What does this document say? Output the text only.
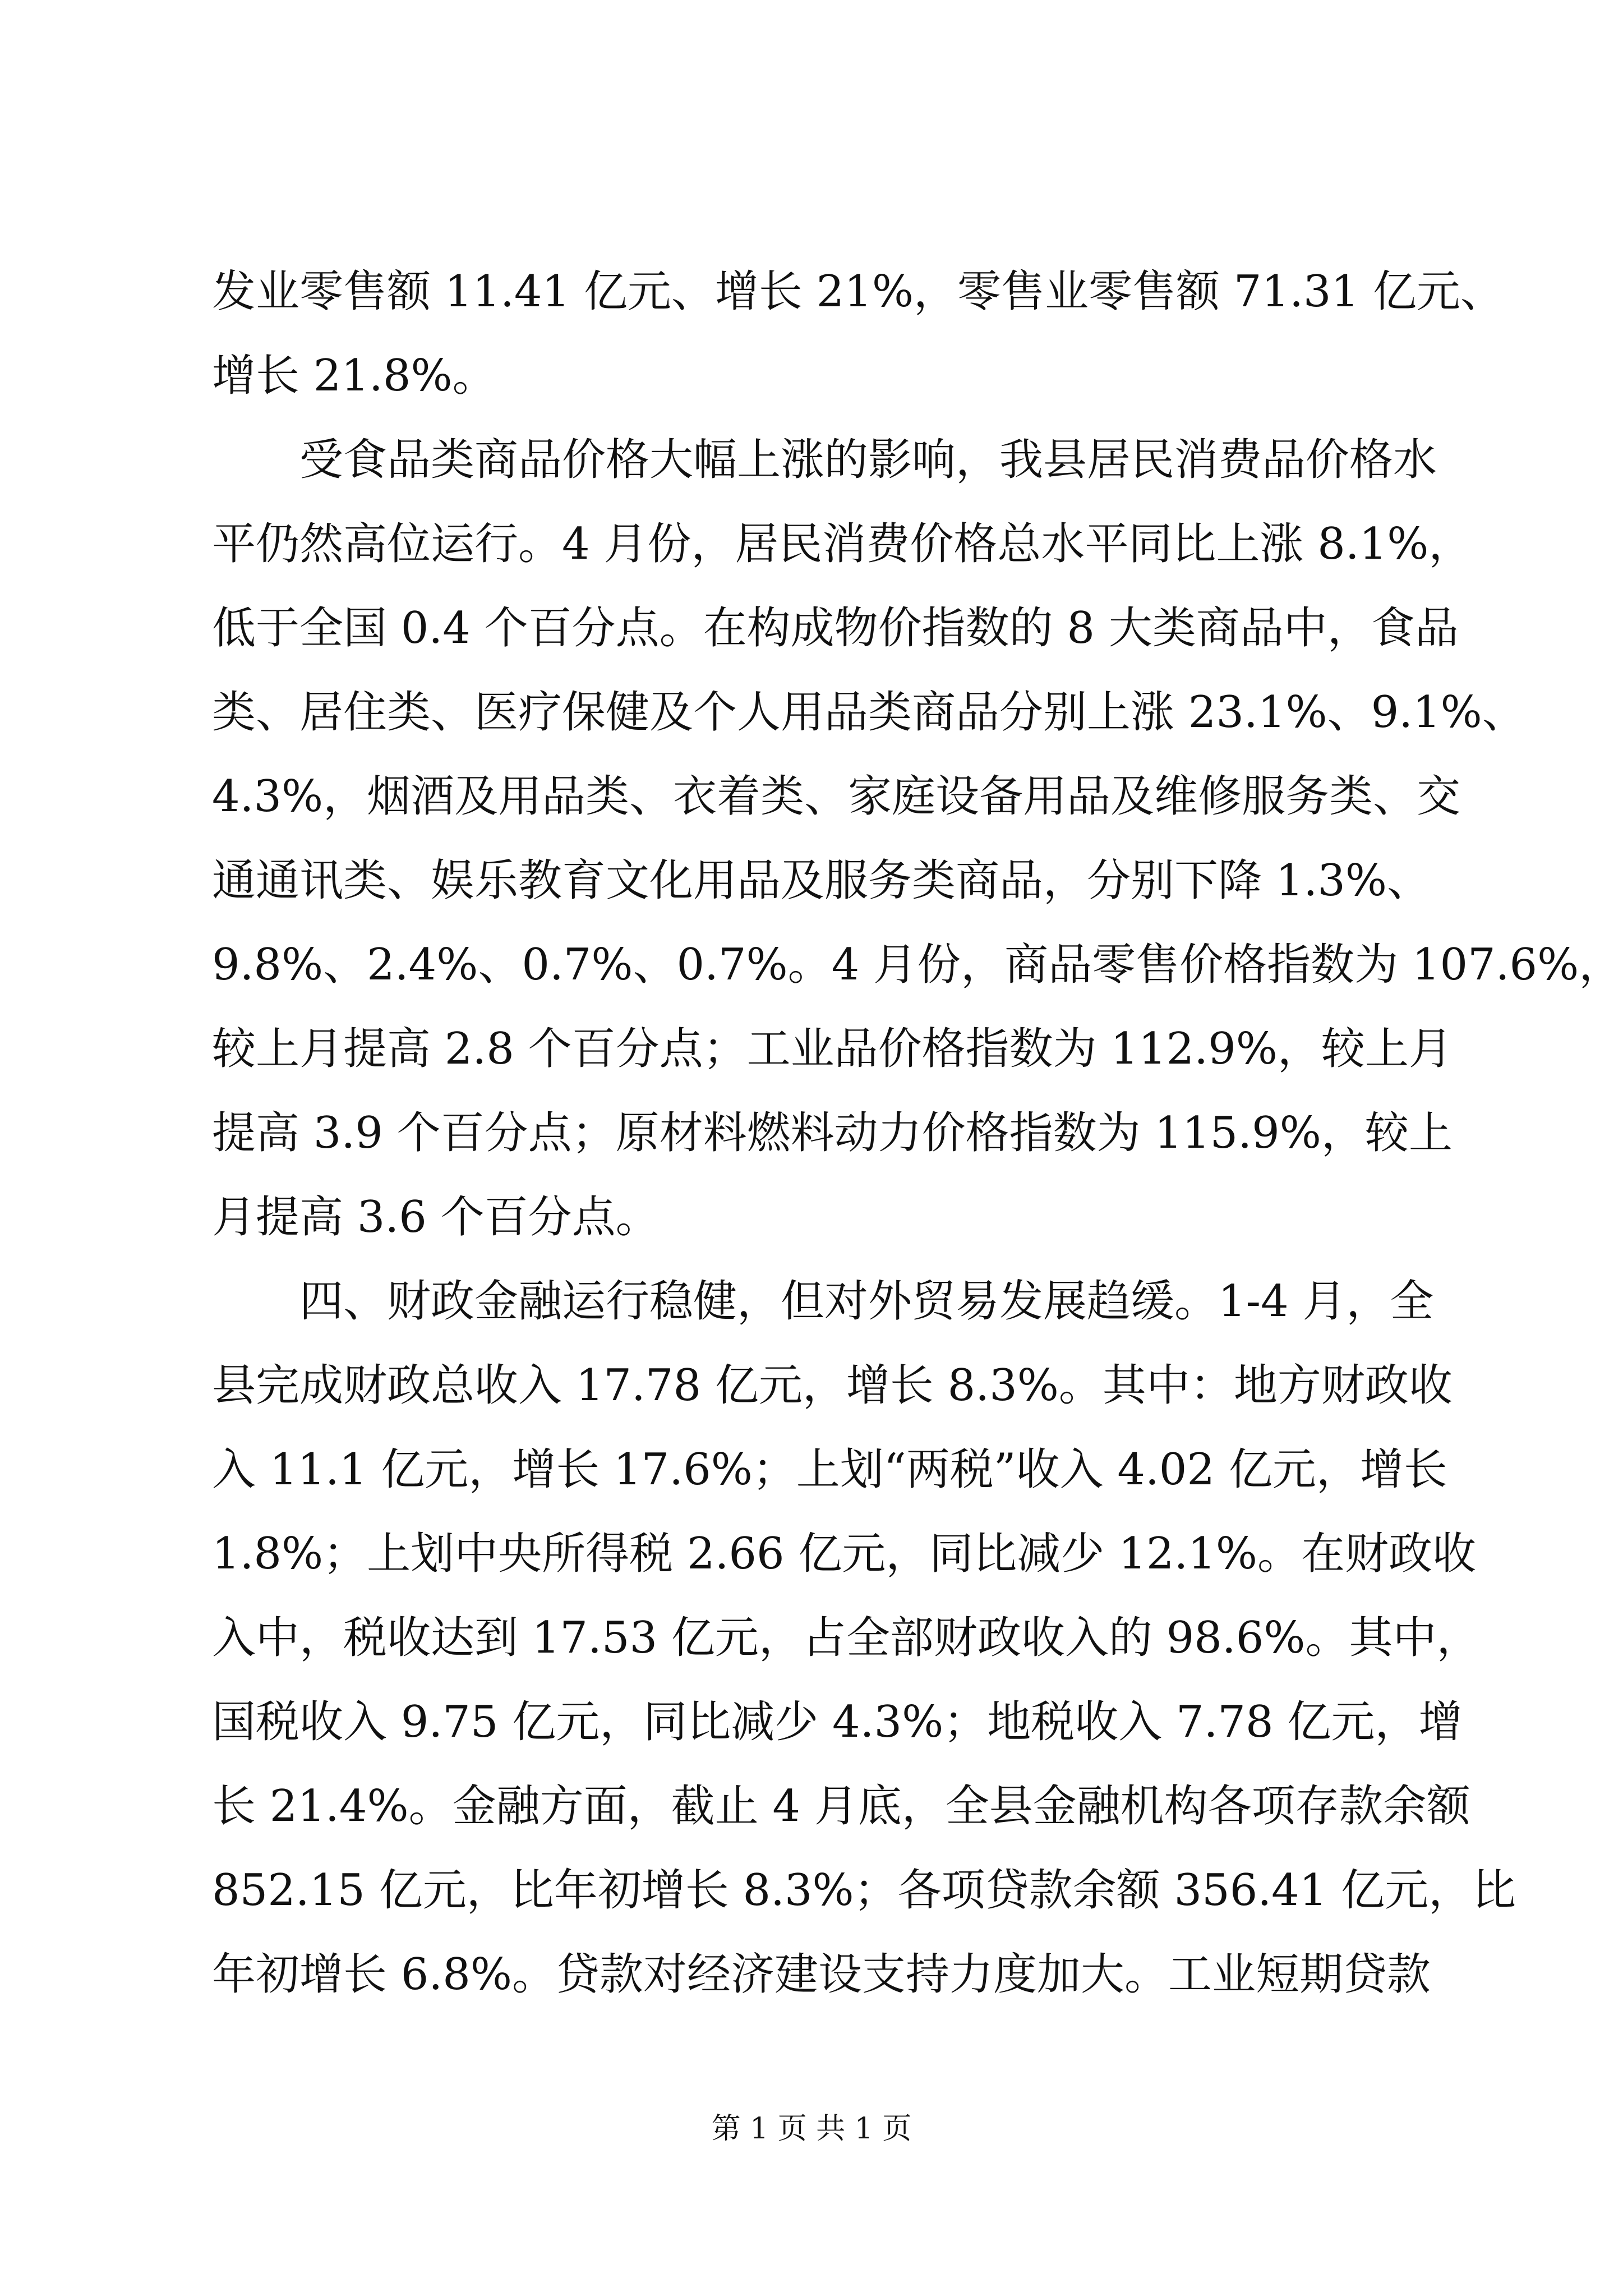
发业零售额 11.41 亿元、增长 21%，零售业零售额 71.31 亿元、
增长 21.8%。
受食品类商品价格大幅上涨的影响，我县居民消费品价格水
平仍然高位运行。4 月份，居民消费价格总水平同比上涨 8.1%，
低于全国 0.4 个百分点。在构成物价指数的 8 大类商品中，食品
类、居住类、医疗保健及个人用品类商品分别上涨 23.1%、9.1%、
4.3%，烟酒及用品类、衣着类、家庭设备用品及维修服务类、交
通通讯类、娱乐教育文化用品及服务类商品，分别下降 1.3%、
9.8%、2.4%、0.7%、0.7%。4 月份，商品零售价格指数为 107.6%，
较上月提高 2.8 个百分点；工业品价格指数为 112.9%，较上月
提高 3.9 个百分点；原材料燃料动力价格指数为 115.9%，较上
月提高 3.6 个百分点。
四、财政金融运行稳健，但对外贸易发展趋缓。1-4 月，全
县完成财政总收入 17.78 亿元，增长 8.3%。其中：地方财政收
入 11.1 亿元，增长 17.6%；上划“两税”收入 4.02 亿元，增长
1.8%；上划中央所得税 2.66 亿元，同比减少 12.1%。在财政收
入中，税收达到 17.53 亿元，占全部财政收入的 98.6%。其中，
国税收入 9.75 亿元，同比减少 4.3%；地税收入 7.78 亿元，增
长 21.4%。金融方面，截止 4 月底，全县金融机构各项存款余额
852.15 亿元，比年初增长 8.3%；各项贷款余额 356.41 亿元，比
年初增长 6.8%。贷款对经济建设支持力度加大。工业短期贷款
第 1 页 共 1 页
